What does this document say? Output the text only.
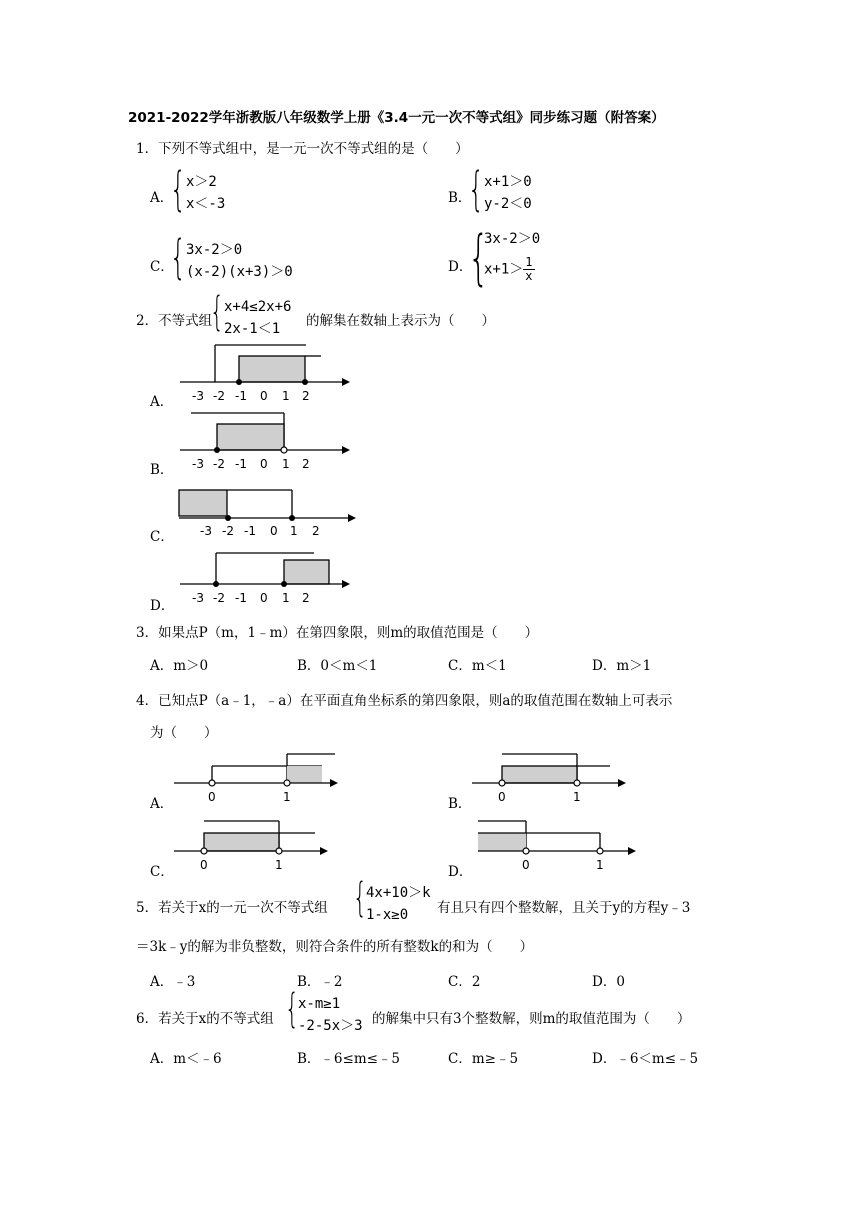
2021-2022学年浙教版八年级数学上册《3.4一元一次不等式组》同步练习题（附答案）
1．下列不等式组中，是一元一次不等式组的是（　　）
A．
{ x＞2
x＜-3	B．
{ x+1＞0
y-2＜0
C．
{ 3x-2＞0
(x-2)(x+3)＞0	D．
{
3x-2＞0
$x+1> \frac{1}{x}$
2．不等式组
{ x+4≤2x+6
2x-1＜1	的解集在数轴上表示为（　　）
A．
B．
C．
D．
-3 -2 -1 0 1 2
-3 -2 -1 0 1 2
-3 -2 -1 0 1 2
-3 -2 -1 0 1 2
3．如果点P（m，1﹣m）在第四象限，则m的取值范围是（　　）
A．m＞0	B．0＜m＜1	C．m＜1	D．m＞1
4．已知点P（a﹣1，﹣a）在平面直角坐标系的第四象限，则a的取值范围在数轴上可表示
为（　　）
A．	B．
C．	D．
0	1	0	1
0	1	0	1
5．若关于x的一元一次不等式组 { 4x+10＞k
1-x≥0	有且只有四个整数解，且关于y的方程y﹣3
＝3k﹣y的解为非负整数，则符合条件的所有整数k的和为（　　）
A．﹣3	B．﹣2	C．2	D．0
6．若关于x的不等式组 { x-m≥1
-2-5x＞3 的解集中只有3个整数解，则m的取值范围为（　　）
A．m＜﹣6	B．﹣6≤m≤﹣5	C．m≥﹣5	D．﹣6＜m≤﹣5
